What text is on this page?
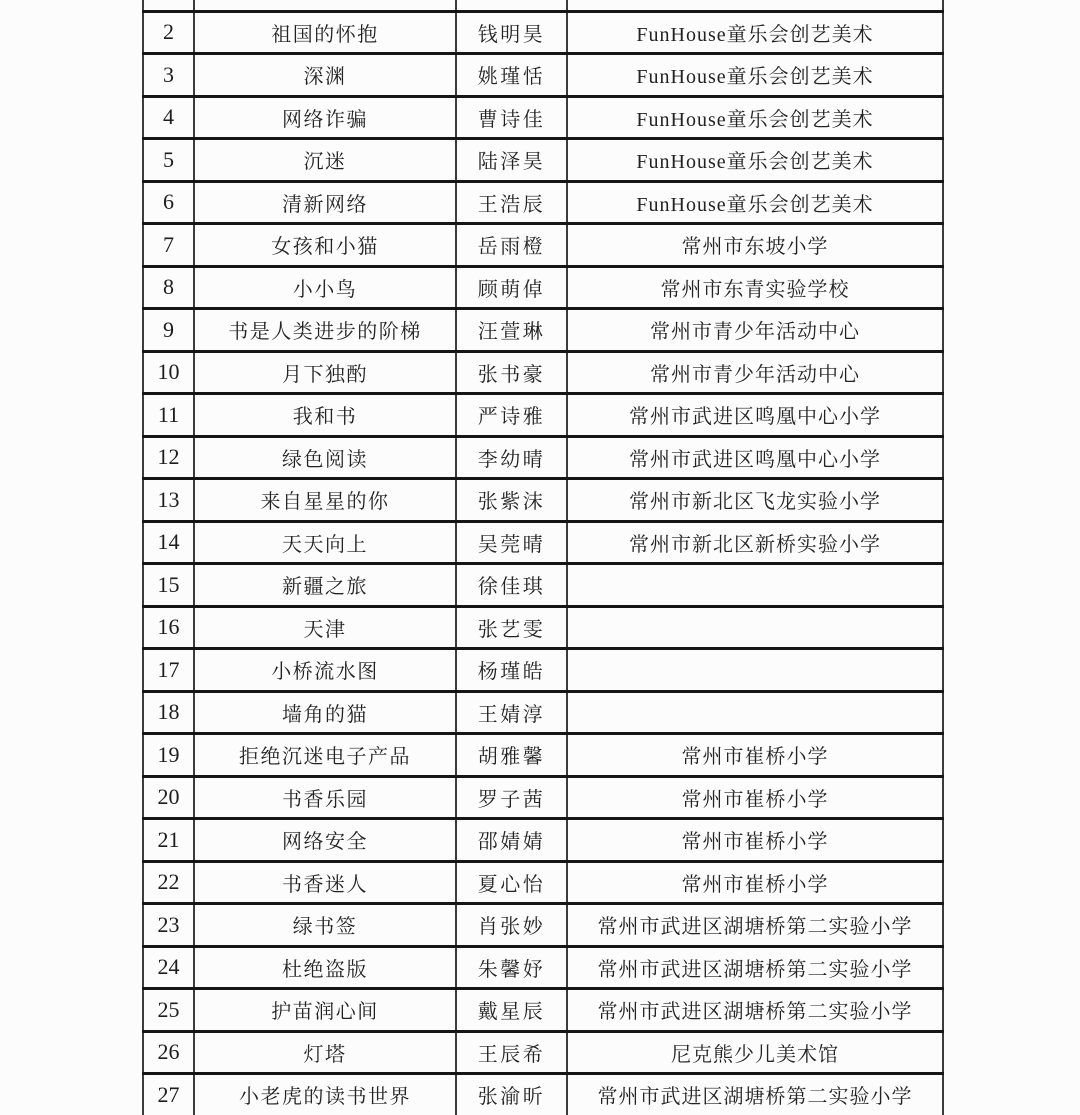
2	祖国的怀抱	钱明昊	FunHouse童乐会创艺美术
3	深渊	姚瑾恬	FunHouse童乐会创艺美术
4	网络诈骗	曹诗佳	FunHouse童乐会创艺美术
5	沉迷	陆泽昊	FunHouse童乐会创艺美术
6	清新网络	王浩辰	FunHouse童乐会创艺美术
7	女孩和小猫	岳雨橙	常州市东坡小学
8	小小鸟	顾萌倬	常州市东青实验学校
9	书是人类进步的阶梯	汪萱琳	常州市青少年活动中心
10	月下独酌	张书豪	常州市青少年活动中心
11	我和书	严诗雅	常州市武进区鸣凰中心小学
12	绿色阅读	李幼晴	常州市武进区鸣凰中心小学
13	来自星星的你	张紫沫	常州市新北区飞龙实验小学
14	天天向上	吴莞晴	常州市新北区新桥实验小学
15	新疆之旅	徐佳琪	
16	天津	张艺雯	
17	小桥流水图	杨瑾皓	
18	墙角的猫	王婧淳	
19	拒绝沉迷电子产品	胡雅馨	常州市崔桥小学
20	书香乐园	罗子茜	常州市崔桥小学
21	网络安全	邵婧婧	常州市崔桥小学
22	书香迷人	夏心怡	常州市崔桥小学
23	绿书签	肖张妙	常州市武进区湖塘桥第二实验小学
24	杜绝盗版	朱馨妤	常州市武进区湖塘桥第二实验小学
25	护苗润心间	戴星辰	常州市武进区湖塘桥第二实验小学
26	灯塔	王辰希	尼克熊少儿美术馆
27	小老虎的读书世界	张渝昕	常州市武进区湖塘桥第二实验小学
